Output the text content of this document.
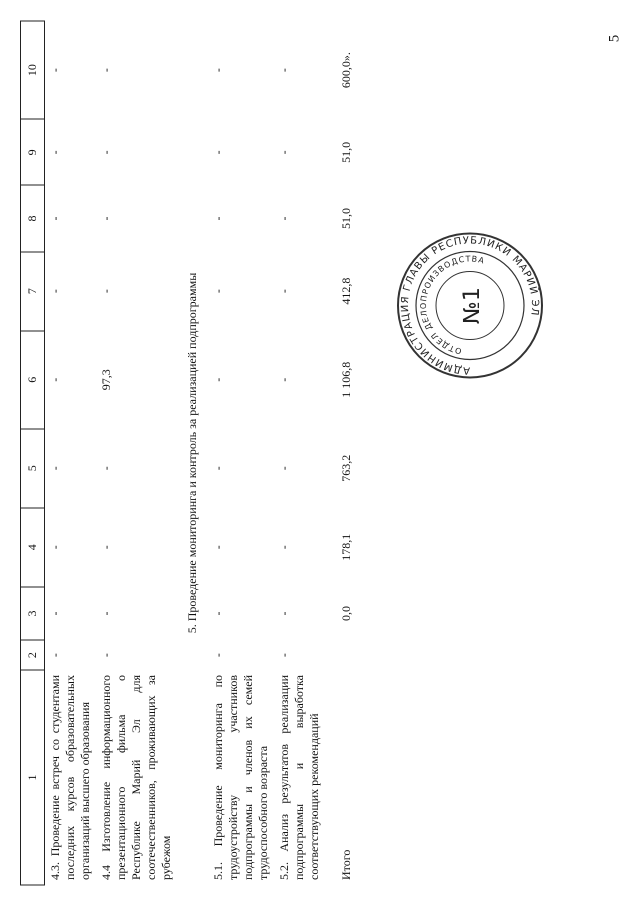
5
1	2	3	4	5	6	7	8	9	10
4.3. Проведение встреч со студентами последних курсов образовательных организаций высшего образования	-	-	-	-	-	-	-	-	-
4.4 Изготовление информационного презентационного фильма о Республике Марий Эл для соотечественников, проживающих за рубежом	-	-	-	-	97,3	-	-	-	-
5. Проведение мониторинга и контроль за реализацией подпрограммы									
5.1. Проведение мониторинга по трудоустройству участников подпрограммы и членов их семей трудоспособного возраста	-	-	-	-	-	-	-	-	-
5.2. Анализ результатов реализации подпрограммы и выработка соответствующих рекомендаций	-	-	-	-	-	-	-	-	-
Итого		0,0	178,1	763,2	1 106,8	412,8	51,0	51,0	600,0».
АДМИНИСТРАЦИЯ ГЛАВЫ РЕСПУБЛИКИ МАРИЙ ЭЛ
ОТДЕЛ ДЕЛОПРОИЗВОДСТВА
№1
